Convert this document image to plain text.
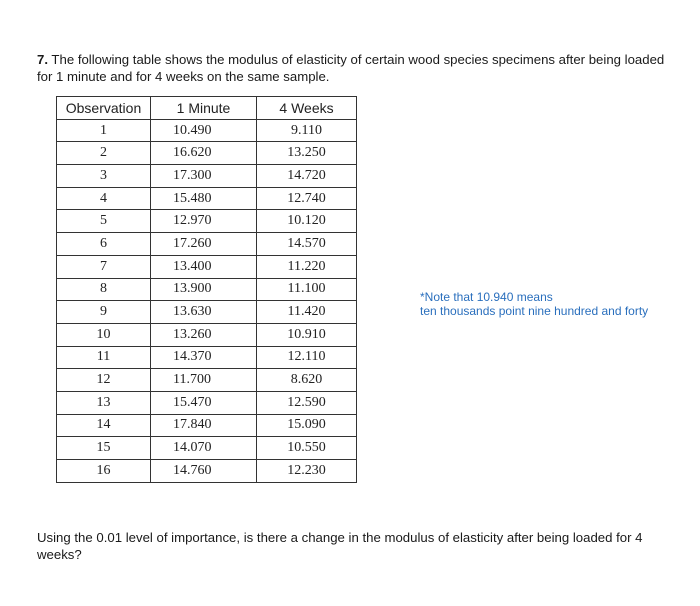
7. The following table shows the modulus of elasticity of certain wood species specimens after being loaded for 1 minute and for 4 weeks on the same sample.

Observation	1 Minute	4 Weeks
1	10.490	9.110
2	16.620	13.250
3	17.300	14.720
4	15.480	12.740
5	12.970	10.120
6	17.260	14.570
7	13.400	11.220
8	13.900	11.100
9	13.630	11.420
10	13.260	10.910
11	14.370	12.110
12	11.700	8.620
13	15.470	12.590
14	17.840	15.090
15	14.070	10.550
16	14.760	12.230

*Note that 10.940 means
ten thousands point nine hundred and forty

Using the 0.01 level of importance, is there a change in the modulus of elasticity after being loaded for 4 weeks?
